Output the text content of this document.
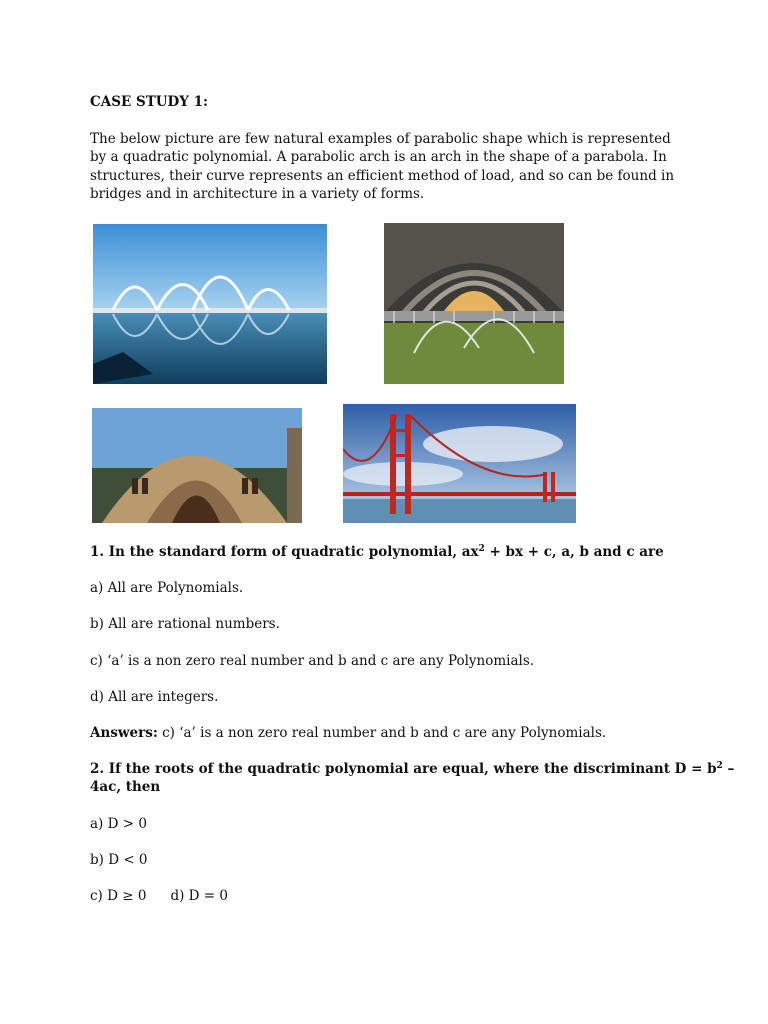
CASE STUDY 1:
The below picture are few natural examples of parabolic shape which is represented by a quadratic polynomial. A parabolic arch is an arch in the shape of a parabola. In structures, their curve represents an efficient method of load, and so can be found in bridges and in architecture in a variety of forms.
1. In the standard form of quadratic polynomial, $ax^2$ + bx + c, a, b and c are
a) All are Polynomials.
b) All are rational numbers.
c) ‘a’ is a non zero real number and b and c are any Polynomials.
d) All are integers.
Answers: c) ‘a’ is a non zero real number and b and c are any Polynomials.
2. If the roots of the quadratic polynomial are equal, where the discriminant $D = b^2$ –
4ac, then
a) D > 0
b) D < 0
c) D ≥ 0 d) D = 0
